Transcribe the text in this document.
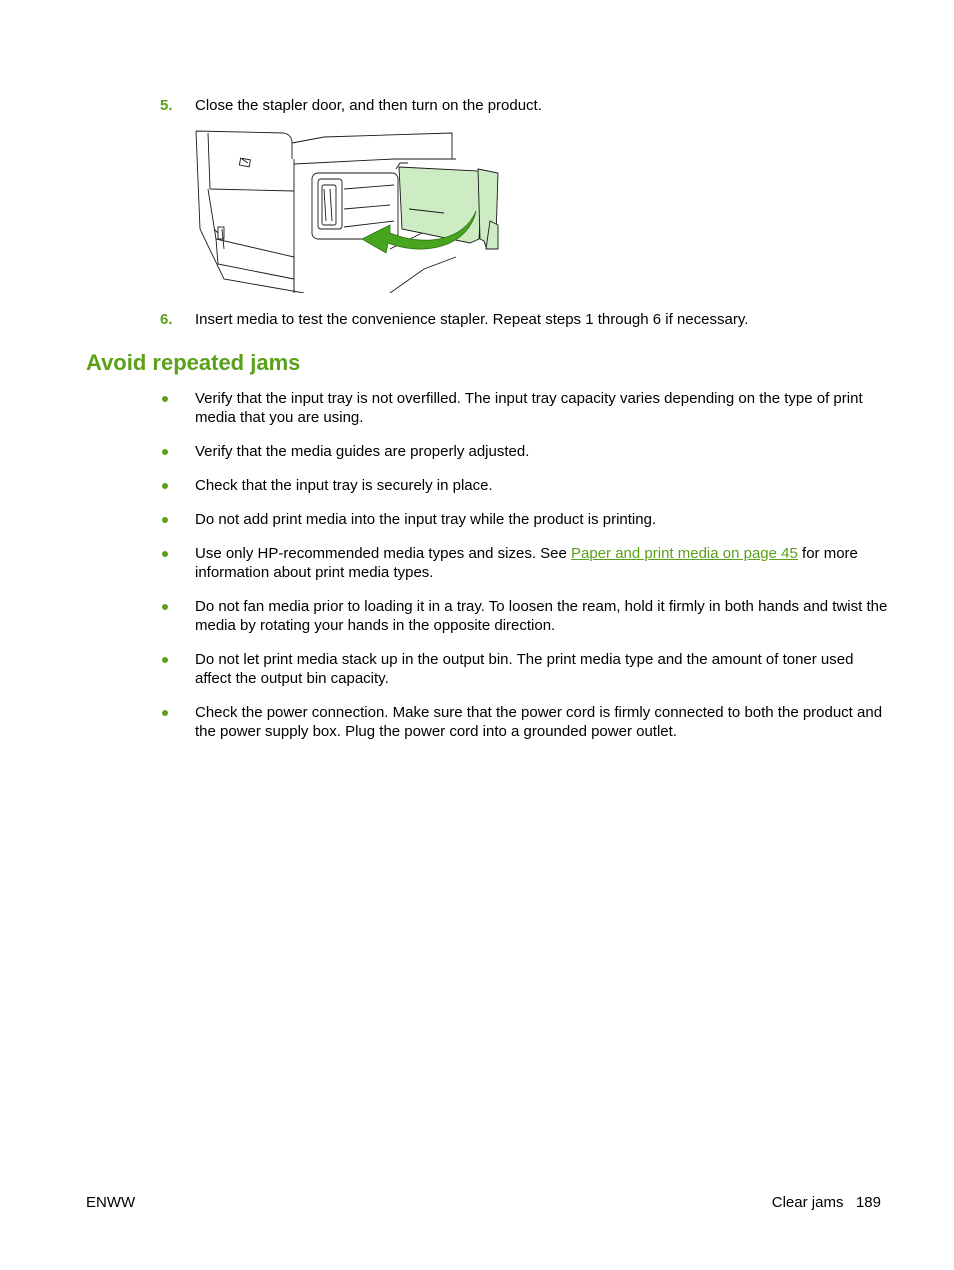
5. Close the stapler door, and then turn on the product.
6. Insert media to test the convenience stapler. Repeat steps 1 through 6 if necessary.
Avoid repeated jams
Verify that the input tray is not overfilled. The input tray capacity varies depending on the type of print media that you are using.
Verify that the media guides are properly adjusted.
Check that the input tray is securely in place.
Do not add print media into the input tray while the product is printing.
Use only HP-recommended media types and sizes. See Paper and print media on page 45 for more information about print media types.
Do not fan media prior to loading it in a tray. To loosen the ream, hold it firmly in both hands and twist the media by rotating your hands in the opposite direction.
Do not let print media stack up in the output bin. The print media type and the amount of toner used affect the output bin capacity.
Check the power connection. Make sure that the power cord is firmly connected to both the product and the power supply box. Plug the power cord into a grounded power outlet.
ENWW	Clear jams 189
